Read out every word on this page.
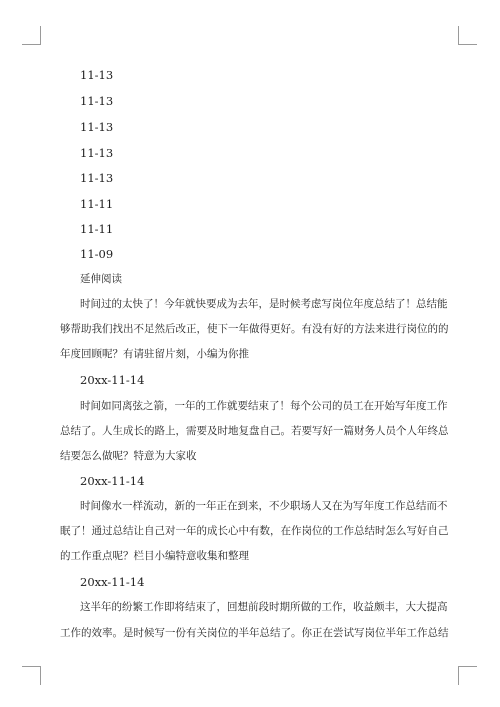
11-13
11-13
11-13
11-13
11-13
11-11
11-11
11-09
延伸阅读
时间过的太快了！今年就快要成为去年，是时候考虑写岗位年度总结了！总结能
够帮助我们找出不足然后改正，使下一年做得更好。有没有好的方法来进行岗位的的
年度回顾呢？有请驻留片刻，小编为你推
20xx-11-14
时间如同离弦之箭，一年的工作就要结束了！每个公司的员工在开始写年度工作
总结了。人生成长的路上，需要及时地复盘自己。若要写好一篇财务人员个人年终总
结要怎么做呢？特意为大家收
20xx-11-14
时间像水一样流动，新的一年正在到来，不少职场人又在为写年度工作总结而不
眠了！通过总结让自己对一年的成长心中有数，在作岗位的工作总结时怎么写好自己
的工作重点呢？栏目小编特意收集和整理
20xx-11-14
这半年的纷繁工作即将结束了，回想前段时期所做的工作，收益颇丰，大大提高
工作的效率。是时候写一份有关岗位的半年总结了。你正在尝试写岗位半年工作总结
